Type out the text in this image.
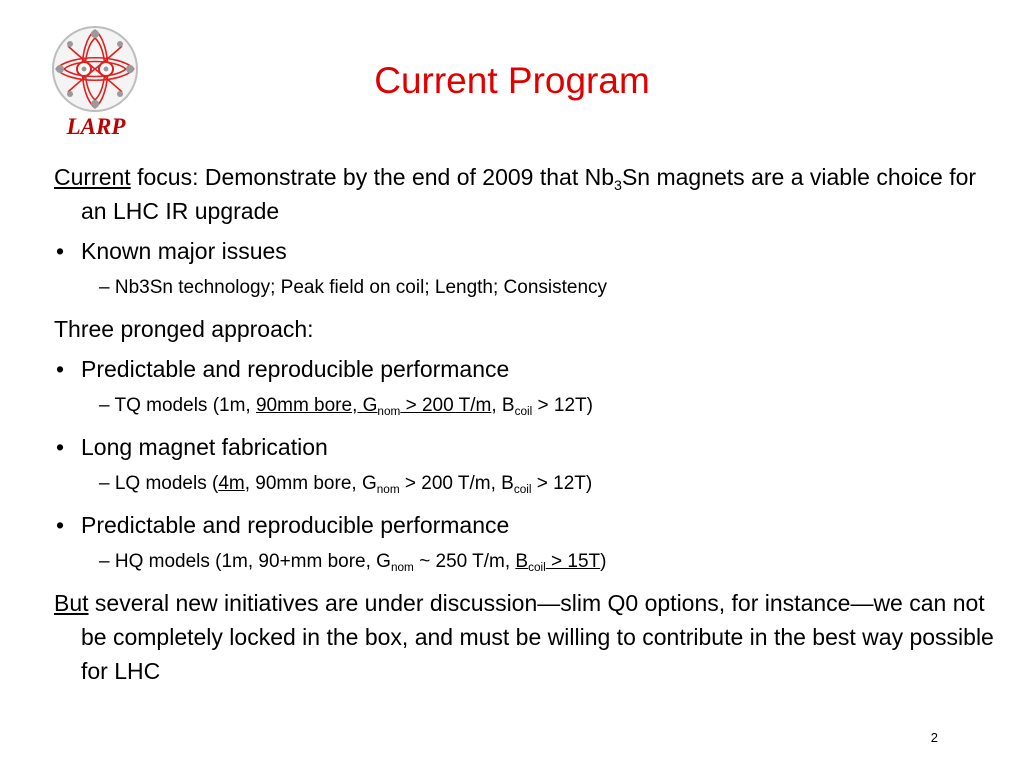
LARP
Current Program

Current focus: Demonstrate by the end of 2009 that $Nb_3Sn$ magnets are a viable choice for an LHC IR upgrade

• Known major issues
– Nb3Sn technology; Peak field on coil; Length; Consistency

Three pronged approach:

• Predictable and reproducible performance
– TQ models (1m, 90mm bore, $G_{nom} > 200$ T/m, $B_{coil} > 12T$)
• Long magnet fabrication
– LQ models (4m, 90mm bore, $G_{nom} > 200$ T/m, $B_{coil} > 12T$)
• Predictable and reproducible performance
– HQ models (1m, 90+mm bore, $G_{nom}$ ~ 250 T/m, $B_{coil} > 15T$)

But several new initiatives are under discussion—slim Q0 options, for instance—we can not be completely locked in the box, and must be willing to contribute in the best way possible for LHC

2
